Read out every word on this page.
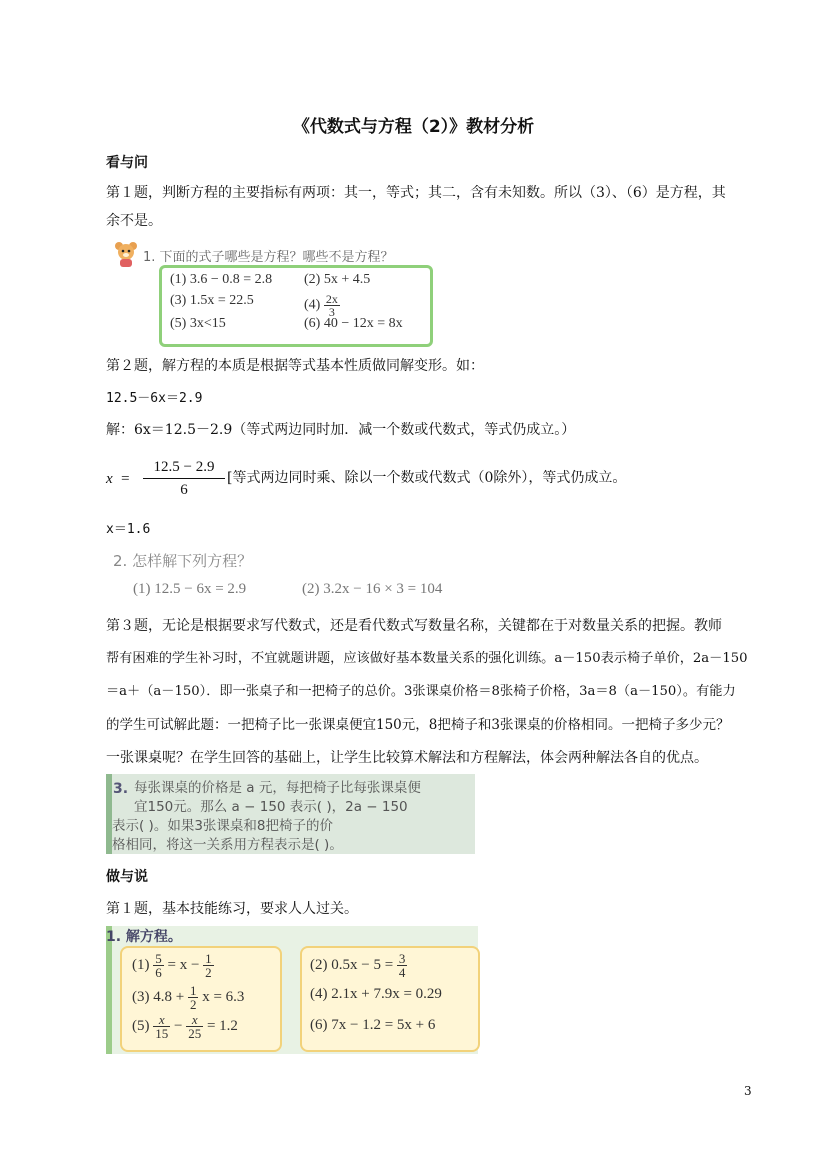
《代数式与方程（2）》教材分析
看与问
第１题，判断方程的主要指标有两项：其一，等式；其二，含有未知数。所以（3）、（6）是方程，其
余不是。
1. 下面的式子哪些是方程？哪些不是方程？
(1) 3.6 − 0.8 = 2.8 (2) 5x + 4.5
(3) 1.5x = 22.5	$(4) \frac{2x}{3}$
(5) 3x<15	(6) 40 − 12x = 8x
第２题，解方程的本质是根据等式基本性质做同解变形。如：
12.5－6x＝2.9
解：6x＝12.5－2.9（等式两边同时加．减一个数或代数式，等式仍成立。）
$x = \frac{12.5 - 2.9}{6}$ [等式两边同时乘、除以一个数或代数式（0除外），等式仍成立。
x＝1.6
2. 怎样解下列方程？
(1) 12.5 − 6x = 2.9	(2) 3.2x − 16 × 3 = 104
第３题，无论是根据要求写代数式，还是看代数式写数量名称，关键都在于对数量关系的把握。教师
帮有困难的学生补习时，不宜就题讲题，应该做好基本数量关系的强化训练。a－150表示椅子单价，2a－150
＝a＋（a－150）．即一张桌子和一把椅子的总价。3张课桌价格＝8张椅子价格，3a＝8（a－150）。有能力
的学生可试解此题：一把椅子比一张课桌便宜150元，8把椅子和3张课桌的价格相同。一把椅子多少元？
一张课桌呢？在学生回答的基础上，让学生比较算术解法和方程解法，体会两种解法各自的优点。
3. 每张课桌的价格是 a 元，每把椅子比每张课桌便
宜150元。那么 a − 150 表示( )，2a − 150
表示( )。如果3张课桌和8把椅子的价
格相同，将这一关系用方程表示是( )。
做与说
第１题，基本技能练习，要求人人过关。
1. 解方程。
$(1) \frac{5}{6} = x - \frac{1}{2}$
(3) $4.8 + \frac{1}{2}$ x = 6.3
$(5) \frac{x}{15} - \frac{x}{25} = 1.2$
(2) $0.5x - 5 = \frac{3}{4}$
(4) 2.1x + 7.9x = 0.29
(6) 7x − 1.2 = 5x + 6
3
